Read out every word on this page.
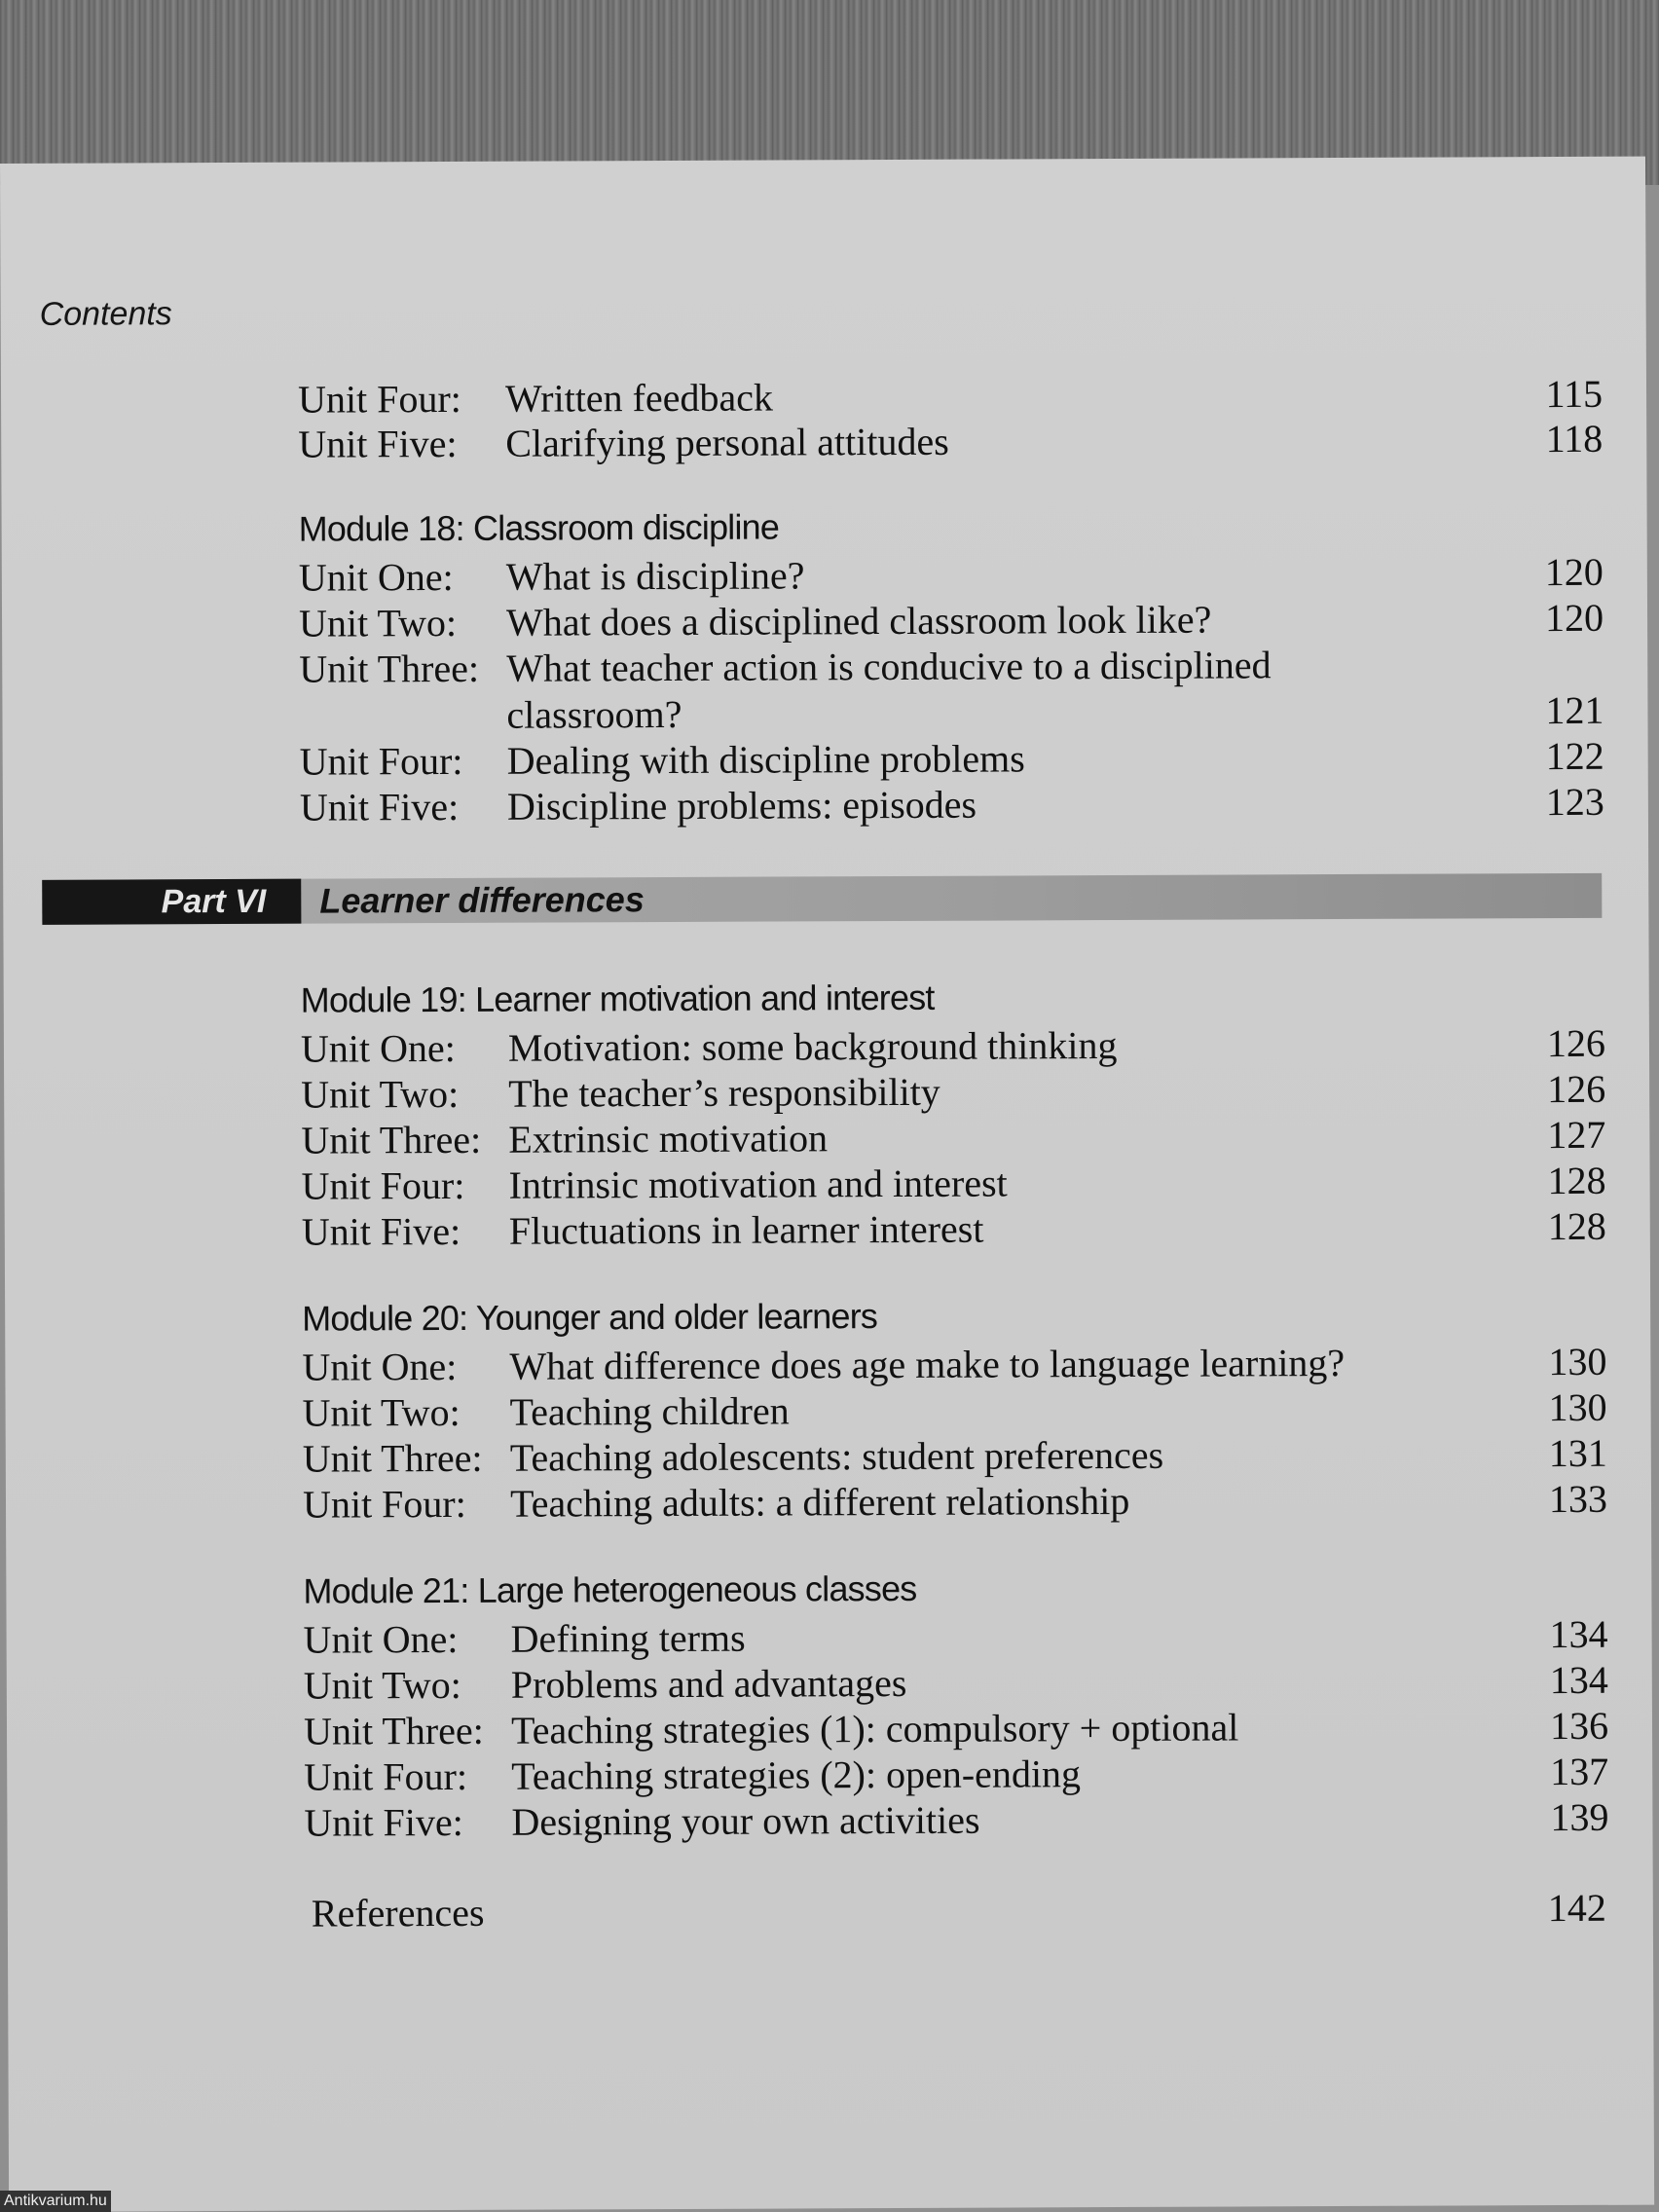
Contents
Unit Four: Written feedback	115
Unit Five: Clarifying personal attitudes	118
Module 18: Classroom discipline
Unit One: What is discipline?	120
Unit Two: What does a disciplined classroom look like?	120
Unit Three: What teacher action is conducive to a disciplined classroom?	121
Unit Four: Dealing with discipline problems	122
Unit Five: Discipline problems: episodes	123
Part VI	Learner differences
Module 19: Learner motivation and interest
Unit One: Motivation: some background thinking	126
Unit Two: The teacher’s responsibility	126
Unit Three: Extrinsic motivation	127
Unit Four: Intrinsic motivation and interest	128
Unit Five: Fluctuations in learner interest	128
Module 20: Younger and older learners
Unit One: What difference does age make to language learning?	130
Unit Two: Teaching children	130
Unit Three: Teaching adolescents: student preferences	131
Unit Four: Teaching adults: a different relationship	133
Module 21: Large heterogeneous classes
Unit One: Defining terms	134
Unit Two: Problems and advantages	134
Unit Three: Teaching strategies (1): compulsory + optional	136
Unit Four: Teaching strategies (2): open-ending	137
Unit Five: Designing your own activities	139
References	142
Antikvarium.hu
